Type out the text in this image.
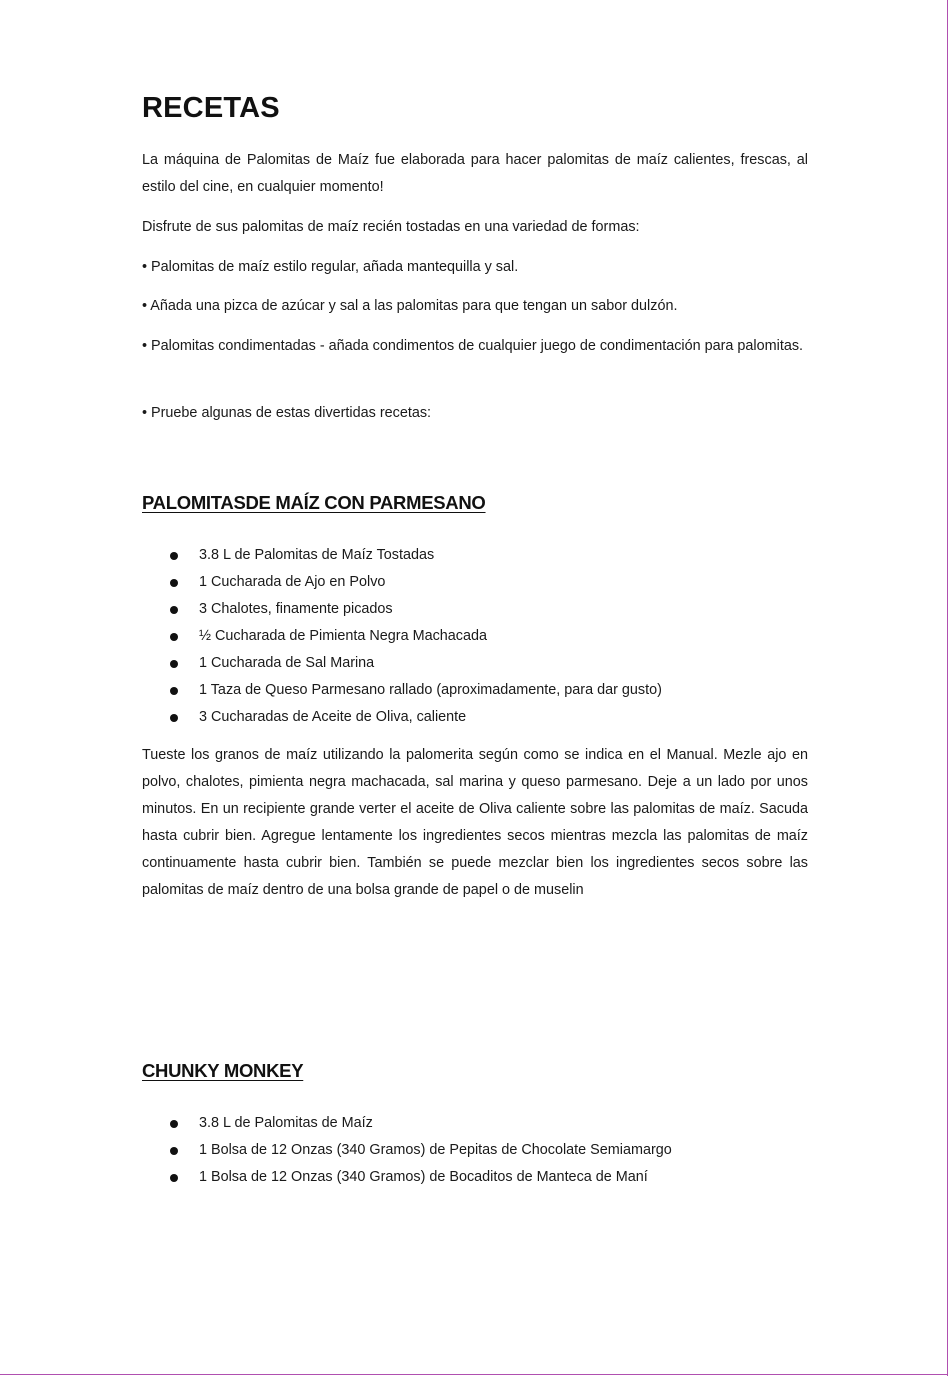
RECETAS

La máquina de Palomitas de Maíz fue elaborada para hacer palomitas de maíz calientes, frescas, al estilo del cine, en cualquier momento!

Disfrute de sus palomitas de maíz recién tostadas en una variedad de formas:

• Palomitas de maíz estilo regular, añada mantequilla y sal.

• Añada una pizca de azúcar y sal a las palomitas para que tengan un sabor dulzón.

• Palomitas condimentadas - añada condimentos de cualquier juego de condimentación para palomitas.

• Pruebe algunas de estas divertidas recetas:

PALOMITASDE MAÍZ CON PARMESANO
3.8 L de Palomitas de Maíz Tostadas
1 Cucharada de Ajo en Polvo
3 Chalotes, finamente picados
½ Cucharada de Pimienta Negra Machacada
1 Cucharada de Sal Marina
1 Taza de Queso Parmesano rallado (aproximadamente, para dar gusto)
3 Cucharadas de Aceite de Oliva, caliente

Tueste los granos de maíz utilizando la palomerita según como se indica en el Manual. Mezle ajo en polvo, chalotes, pimienta negra machacada, sal marina y queso parmesano. Deje a un lado por unos minutos. En un recipiente grande verter el aceite de Oliva caliente sobre las palomitas de maíz. Sacuda hasta cubrir bien. Agregue lentamente los ingredientes secos mientras mezcla las palomitas de maíz continuamente hasta cubrir bien. También se puede mezclar bien los ingredientes secos sobre las palomitas de maíz dentro de una bolsa grande de papel o de muselin

CHUNKY MONKEY
3.8 L de Palomitas de Maíz
1 Bolsa de 12 Onzas (340 Gramos) de Pepitas de Chocolate Semiamargo
1 Bolsa de 12 Onzas (340 Gramos) de Bocaditos de Manteca de Maní
